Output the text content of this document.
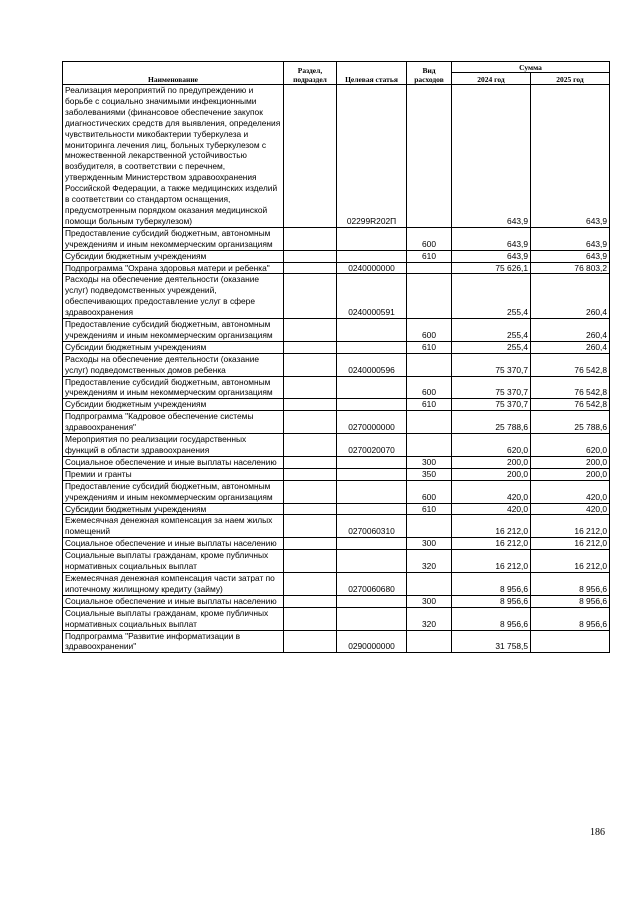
Наименование	Раздел, подраздел	Целевая статья	Вид расходов	Сумма	
				2024 год	2025 год
Реализация мероприятий по предупреждению и борьбе с социально значимыми инфекционными заболеваниями (финансовое обеспечение закупок диагностических средств для выявления, определения чувствительности микобактерии туберкулеза и мониторинга лечения лиц, больных туберкулезом с множественной лекарственной устойчивостью возбудителя, в соответствии с перечнем, утвержденным Министерством здравоохранения Российской Федерации, а также медицинских изделий в соответствии со стандартом оснащения, предусмотренным порядком оказания медицинской помощи больным туберкулезом)		02299R202П		643,9	643,9
Предоставление субсидий бюджетным, автономным учреждениям и иным некоммерческим организациям			600	643,9	643,9
Субсидии бюджетным учреждениям			610	643,9	643,9
Подпрограмма "Охрана здоровья матери и ребенка"		0240000000		75 626,1	76 803,2
Расходы на обеспечение деятельности (оказание услуг) подведомственных учреждений, обеспечивающих предоставление услуг в сфере здравоохранения		0240000591		255,4	260,4
Предоставление субсидий бюджетным, автономным учреждениям и иным некоммерческим организациям			600	255,4	260,4
Субсидии бюджетным учреждениям			610	255,4	260,4
Расходы на обеспечение деятельности (оказание услуг) подведомственных домов ребенка		0240000596		75 370,7	76 542,8
Предоставление субсидий бюджетным, автономным учреждениям и иным некоммерческим организациям			600	75 370,7	76 542,8
Субсидии бюджетным учреждениям			610	75 370,7	76 542,8
Подпрограмма "Кадровое обеспечение системы здравоохранения"		0270000000		25 788,6	25 788,6
Мероприятия по реализации государственных функций в области здравоохранения		0270020070		620,0	620,0
Социальное обеспечение и иные выплаты населению			300	200,0	200,0
Премии и гранты			350	200,0	200,0
Предоставление субсидий бюджетным, автономным учреждениям и иным некоммерческим организациям			600	420,0	420,0
Субсидии бюджетным учреждениям			610	420,0	420,0
Ежемесячная денежная компенсация за наем жилых помещений		0270060310		16 212,0	16 212,0
Социальное обеспечение и иные выплаты населению			300	16 212,0	16 212,0
Социальные выплаты гражданам, кроме публичных нормативных социальных выплат			320	16 212,0	16 212,0
Ежемесячная денежная компенсация части затрат по ипотечному жилищному кредиту (займу)		0270060680		8 956,6	8 956,6
Социальное обеспечение и иные выплаты населению			300	8 956,6	8 956,6
Социальные выплаты гражданам, кроме публичных нормативных социальных выплат			320	8 956,6	8 956,6
Подпрограмма "Развитие информатизации в здравоохранении"		0290000000		31 758,5	
186
